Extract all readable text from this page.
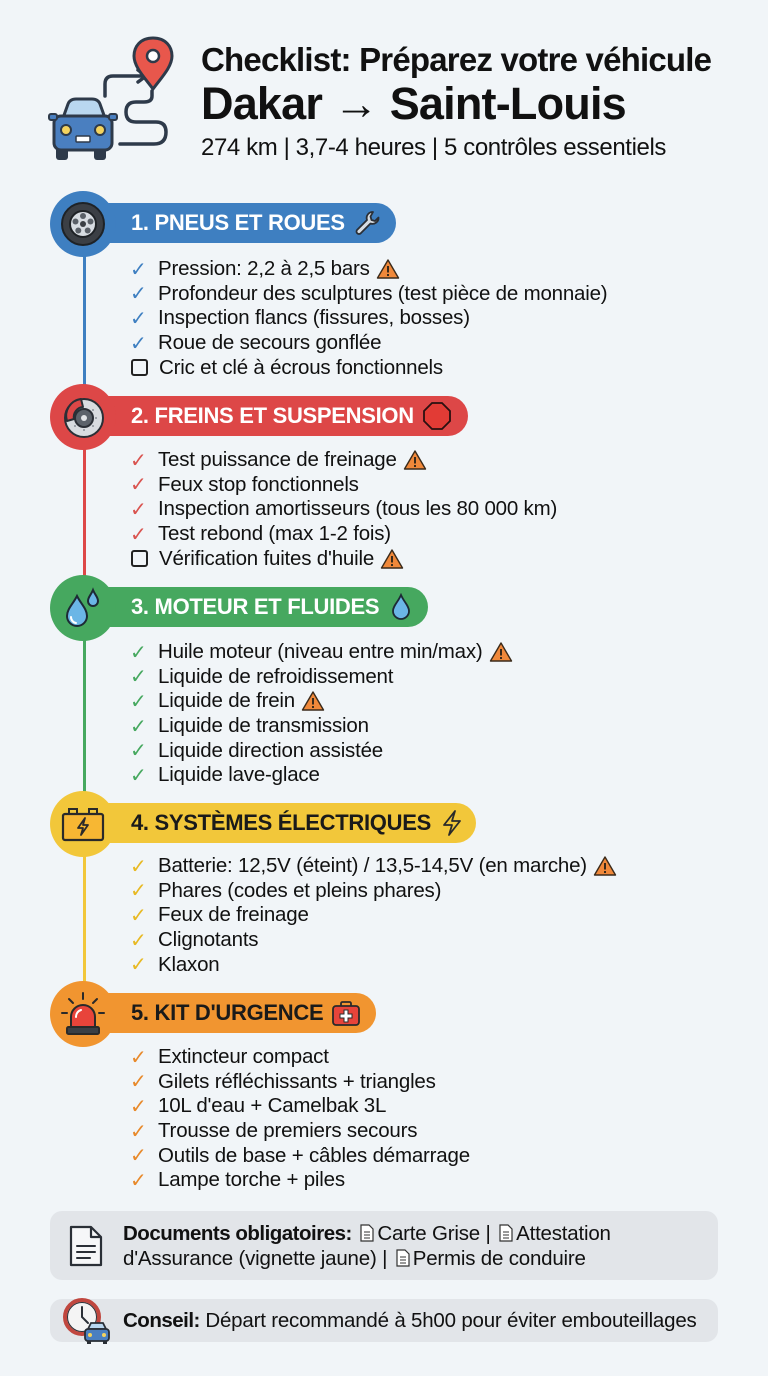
Checklist: Préparez votre véhicule
Dakar → Saint-Louis
274 km | 3,7-4 heures | 5 contrôles essentiels
1. PNEUS ET ROUES
✓ Pression: 2,2 à 2,5 bars
✓ Profondeur des sculptures (test pièce de monnaie)
✓ Inspection flancs (fissures, bosses)
✓ Roue de secours gonflée
Cric et clé à écrous fonctionnels
2. FREINS ET SUSPENSION
✓ Test puissance de freinage
✓ Feux stop fonctionnels
✓ Inspection amortisseurs (tous les 80 000 km)
✓ Test rebond (max 1-2 fois)
Vérification fuites d'huile
3. MOTEUR ET FLUIDES
✓ Huile moteur (niveau entre min/max)
✓ Liquide de refroidissement
✓ Liquide de frein
✓ Liquide de transmission
✓ Liquide direction assistée
✓ Liquide lave-glace
4. SYSTÈMES ÉLECTRIQUES
✓ Batterie: 12,5V (éteint) / 13,5-14,5V (en marche)
✓ Phares (codes et pleins phares)
✓ Feux de freinage
✓ Clignotants
✓ Klaxon
5. KIT D'URGENCE
✓ Extincteur compact
✓ Gilets réfléchissants + triangles
✓ 10L d'eau + Camelbak 3L
✓ Trousse de premiers secours
✓ Outils de base + câbles démarrage
✓ Lampe torche + piles
Documents obligatoires: Carte Grise | Attestation
d'Assurance (vignette jaune) | Permis de conduire
Conseil: Départ recommandé à 5h00 pour éviter embouteillages
